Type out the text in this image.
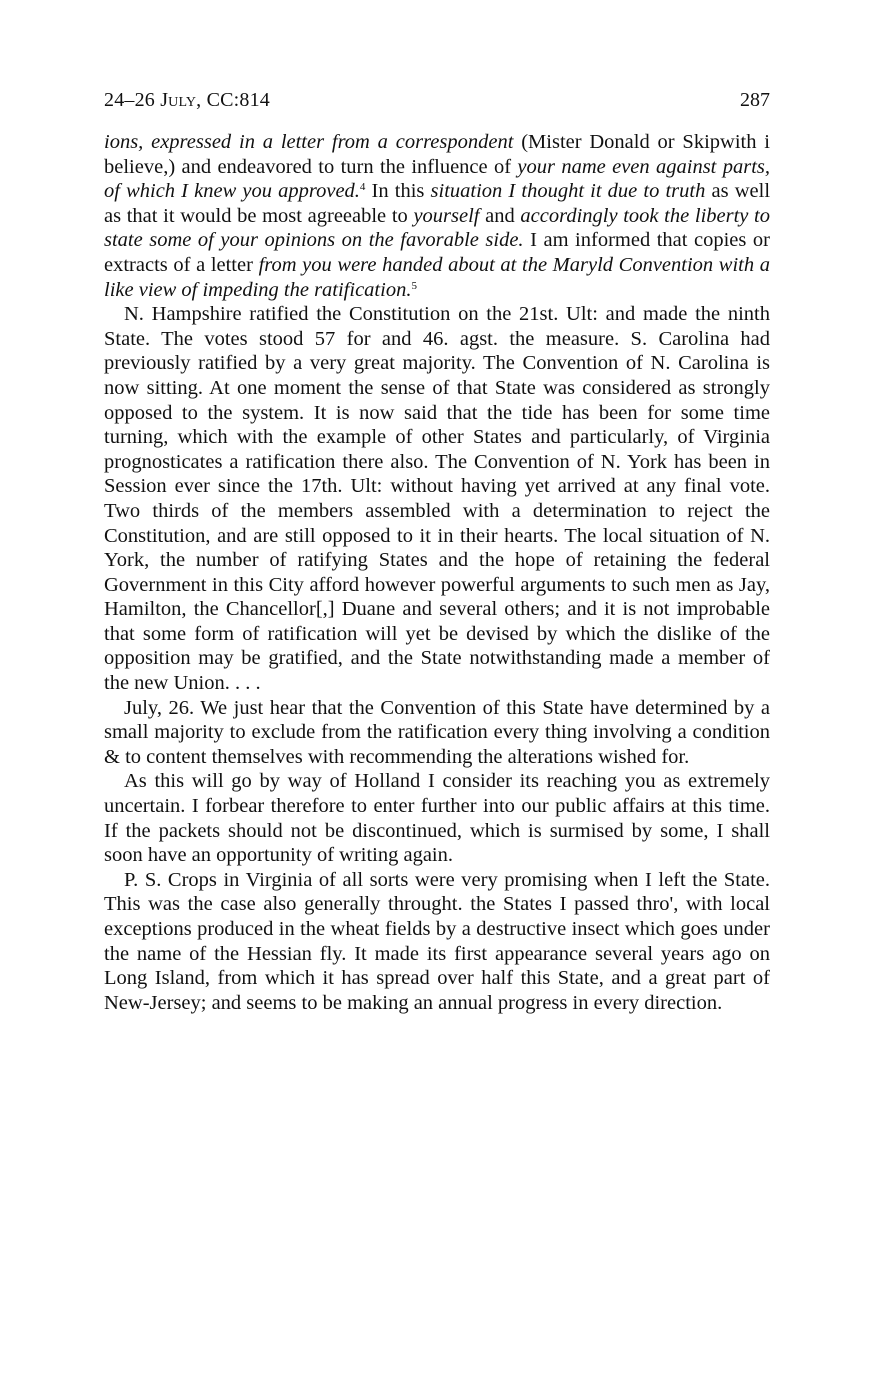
24–26 July, CC:814	287

ions, expressed in a letter from a correspondent (Mister Donald or Skipwith i believe,) and endeavored to turn the influence of your name even against parts, of which I knew you approved.$^4$ In this situation I thought it due to truth as well as that it would be most agreeable to yourself and accordingly took the liberty to state some of your opinions on the favorable side. I am informed that copies or extracts of a letter from you were handed about at the Maryld Convention with a like view of impeding the ratification.$^5$

N. Hampshire ratified the Constitution on the 21st. Ult: and made the ninth State. The votes stood 57 for and 46. agst. the measure. S. Carolina had previously ratified by a very great majority. The Convention of N. Carolina is now sitting. At one moment the sense of that State was considered as strongly opposed to the system. It is now said that the tide has been for some time turning, which with the example of other States and particularly, of Virginia prognosticates a ratification there also. The Convention of N. York has been in Session ever since the 17th. Ult: without having yet arrived at any final vote. Two thirds of the members assembled with a determination to reject the Constitution, and are still opposed to it in their hearts. The local situation of N. York, the number of ratifying States and the hope of retaining the federal Government in this City afford however powerful arguments to such men as Jay, Hamilton, the Chancellor[,] Duane and several others; and it is not improbable that some form of ratification will yet be devised by which the dislike of the opposition may be gratified, and the State notwithstanding made a member of the new Union. . . .

July, 26. We just hear that the Convention of this State have determined by a small majority to exclude from the ratification every thing involving a condition & to content themselves with recommending the alterations wished for.

As this will go by way of Holland I consider its reaching you as extremely uncertain. I forbear therefore to enter further into our public affairs at this time. If the packets should not be discontinued, which is surmised by some, I shall soon have an opportunity of writing again.

P. S. Crops in Virginia of all sorts were very promising when I left the State. This was the case also generally throught. the States I passed thro', with local exceptions produced in the wheat fields by a destructive insect which goes under the name of the Hessian fly. It made its first appearance several years ago on Long Island, from which it has spread over half this State, and a great part of New-Jersey; and seems to be making an annual progress in every direction.
